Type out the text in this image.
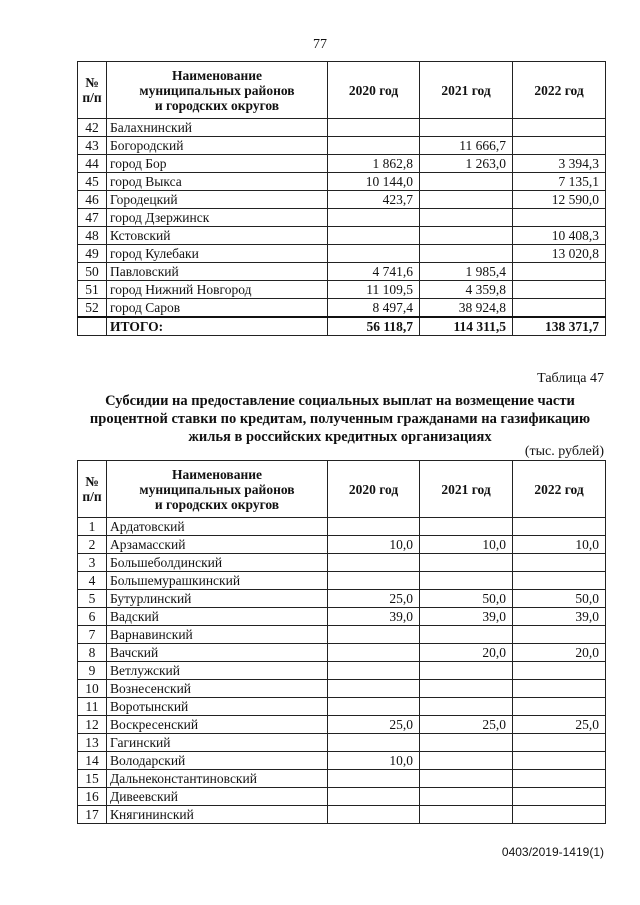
77
№
п/п	Наименование
муниципальных районов
и городских округов	2020 год	2021 год	2022 год
42	Балахнинский			
43	Богородский		11 666,7	
44	город Бор	1 862,8	1 263,0	3 394,3
45	город Выкса	10 144,0		7 135,1
46	Городецкий	423,7		12 590,0
47	город Дзержинск			
48	Кстовский			10 408,3
49	город Кулебаки			13 020,8
50	Павловский	4 741,6	1 985,4	
51	город Нижний Новгород	11 109,5	4 359,8	
52	город Саров	8 497,4	38 924,8	
	ИТОГО:	56 118,7	114 311,5	138 371,7
Таблица 47
Субсидии на предоставление социальных выплат на возмещение части процентной ставки по кредитам, полученным гражданами на газификацию жилья в российских кредитных организациях
(тыс. рублей)
№
п/п	Наименование
муниципальных районов
и городских округов	2020 год	2021 год	2022 год
1	Ардатовский			
2	Арзамасский	10,0	10,0	10,0
3	Большеболдинский			
4	Большемурашкинский			
5	Бутурлинский	25,0	50,0	50,0
6	Вадский	39,0	39,0	39,0
7	Варнавинский			
8	Вачский		20,0	20,0
9	Ветлужский			
10	Вознесенский			
11	Воротынский			
12	Воскресенский	25,0	25,0	25,0
13	Гагинский			
14	Володарский	10,0		
15	Дальнеконстантиновский			
16	Дивеевский			
17	Княгининский			
0403/2019-1419(1)
